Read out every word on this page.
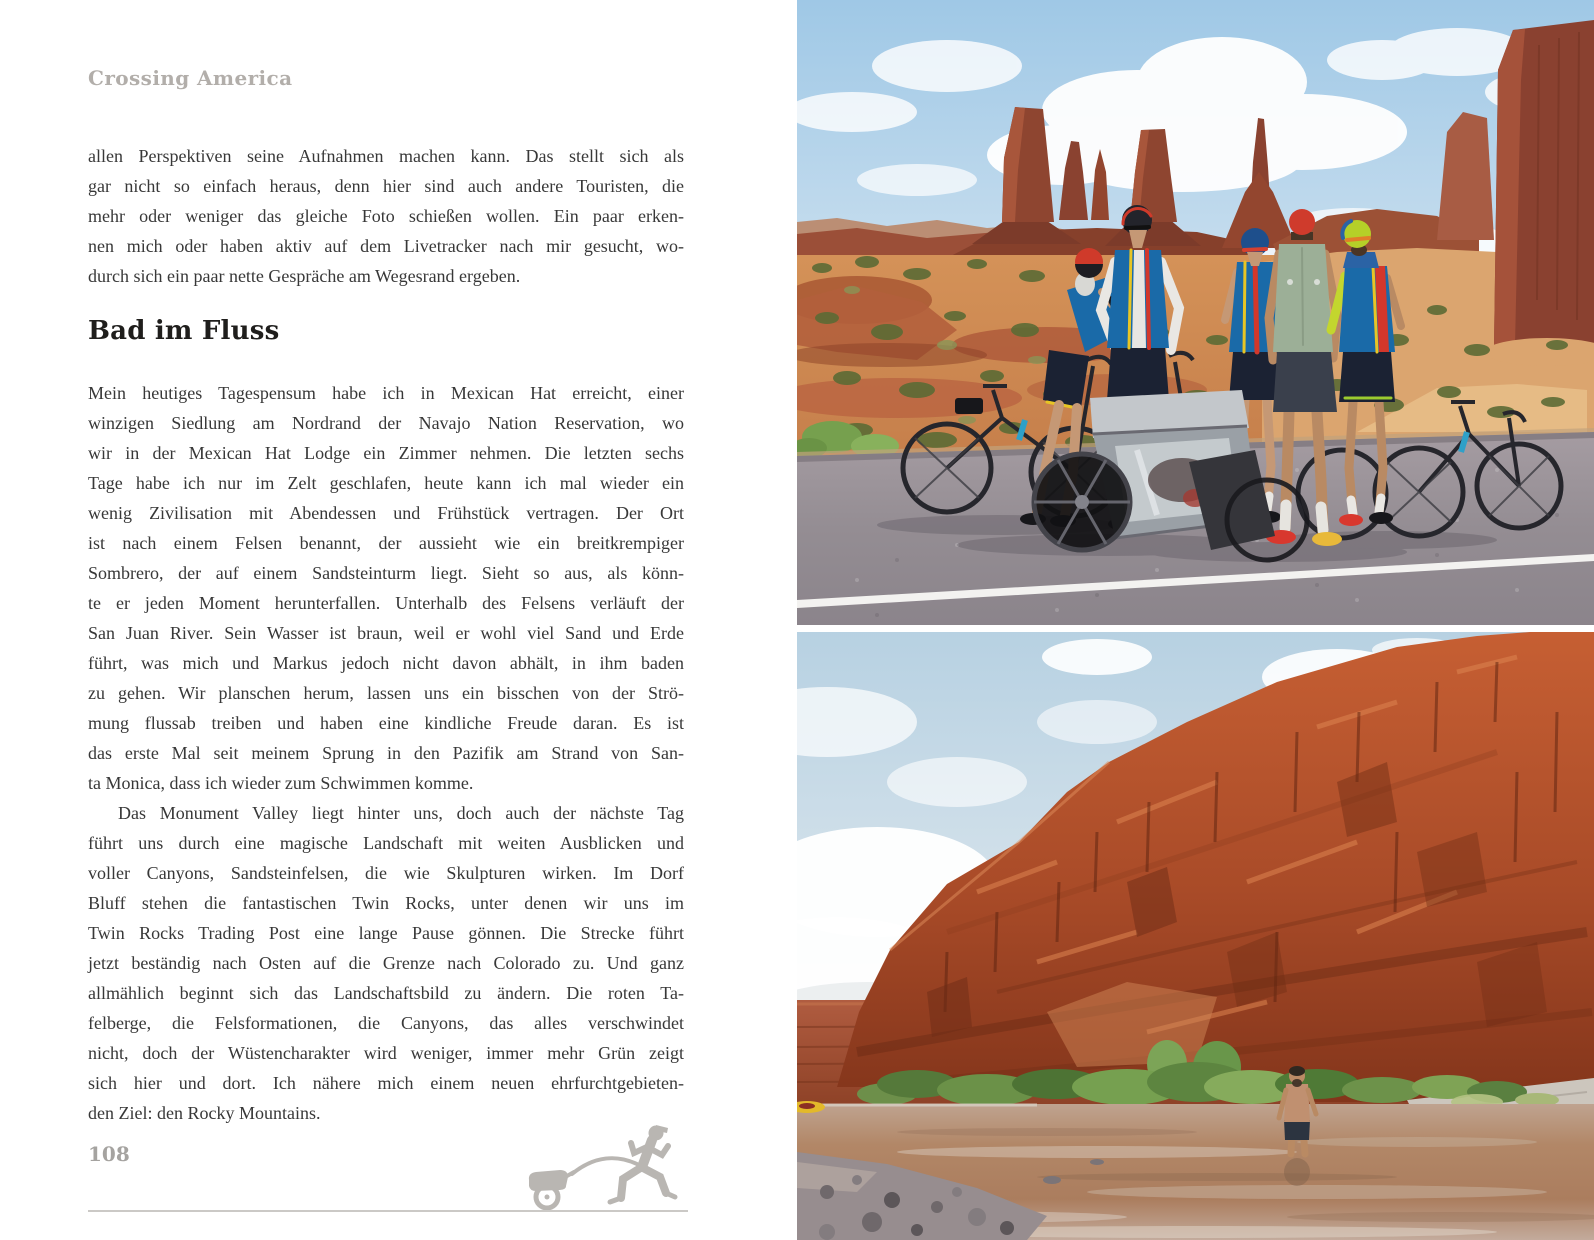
Crossing America
allen Perspektiven seine Aufnahmen machen kann. Das stellt sich als
gar nicht so einfach heraus, denn hier sind auch andere Touristen, die
mehr oder weniger das gleiche Foto schießen wollen. Ein paar erken-
nen mich oder haben aktiv auf dem Livetracker nach mir gesucht, wo-
durch sich ein paar nette Gespräche am Wegesrand ergeben.
Bad im Fluss
Mein heutiges Tagespensum habe ich in Mexican Hat erreicht, einer
winzigen Siedlung am Nordrand der Navajo Nation Reservation, wo
wir in der Mexican Hat Lodge ein Zimmer nehmen. Die letzten sechs
Tage habe ich nur im Zelt geschlafen, heute kann ich mal wieder ein
wenig Zivilisation mit Abendessen und Frühstück vertragen. Der Ort
ist nach einem Felsen benannt, der aussieht wie ein breitkrempiger
Sombrero, der auf einem Sandsteinturm liegt. Sieht so aus, als könn-
te er jeden Moment herunterfallen. Unterhalb des Felsens verläuft der
San Juan River. Sein Wasser ist braun, weil er wohl viel Sand und Erde
führt, was mich und Markus jedoch nicht davon abhält, in ihm baden
zu gehen. Wir planschen herum, lassen uns ein bisschen von der Strö-
mung flussab treiben und haben eine kindliche Freude daran. Es ist
das erste Mal seit meinem Sprung in den Pazifik am Strand von San-
ta Monica, dass ich wieder zum Schwimmen komme.
Das Monument Valley liegt hinter uns, doch auch der nächste Tag
führt uns durch eine magische Landschaft mit weiten Ausblicken und
voller Canyons, Sandsteinfelsen, die wie Skulpturen wirken. Im Dorf
Bluff stehen die fantastischen Twin Rocks, unter denen wir uns im
Twin Rocks Trading Post eine lange Pause gönnen. Die Strecke führt
jetzt beständig nach Osten auf die Grenze nach Colorado zu. Und ganz
allmählich beginnt sich das Landschaftsbild zu ändern. Die roten Ta-
felberge, die Felsformationen, die Canyons, das alles verschwindet
nicht, doch der Wüstencharakter wird weniger, immer mehr Grün zeigt
sich hier und dort. Ich nähere mich einem neuen ehrfurchtgebieten-
den Ziel: den Rocky Mountains.
108
